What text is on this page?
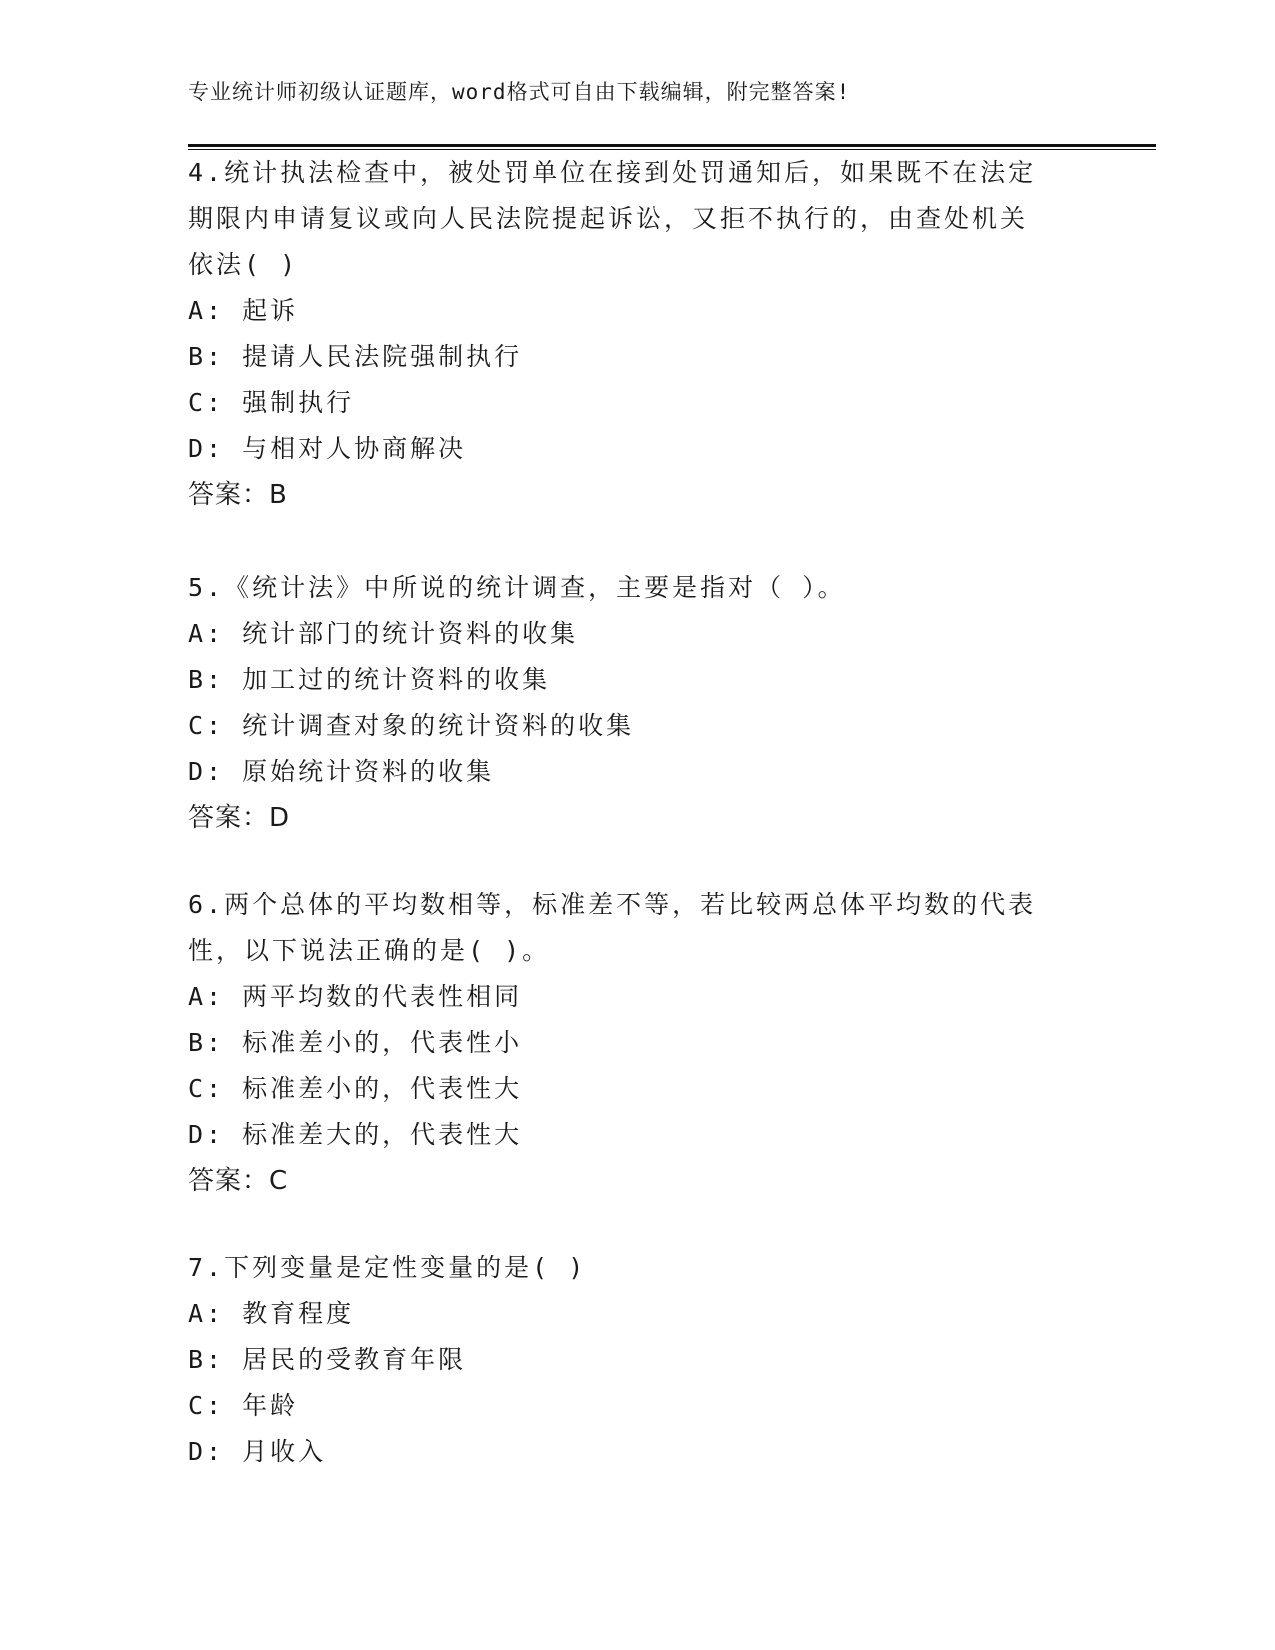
专业统计师初级认证题库，word格式可自由下载编辑，附完整答案!
4.统计执法检查中，被处罚单位在接到处罚通知后，如果既不在法定
期限内申请复议或向人民法院提起诉讼，又拒不执行的，由查处机关
依法( )
A: 起诉
B: 提请人民法院强制执行
C: 强制执行
D: 与相对人协商解决
答案：B
5.《统计法》中所说的统计调查，主要是指对（ ）。
A: 统计部门的统计资料的收集
B: 加工过的统计资料的收集
C: 统计调查对象的统计资料的收集
D: 原始统计资料的收集
答案：D
6.两个总体的平均数相等，标准差不等，若比较两总体平均数的代表
性，以下说法正确的是( )。
A: 两平均数的代表性相同
B: 标准差小的，代表性小
C: 标准差小的，代表性大
D: 标准差大的，代表性大
答案：C
7.下列变量是定性变量的是( )
A: 教育程度
B: 居民的受教育年限
C: 年龄
D: 月收入
